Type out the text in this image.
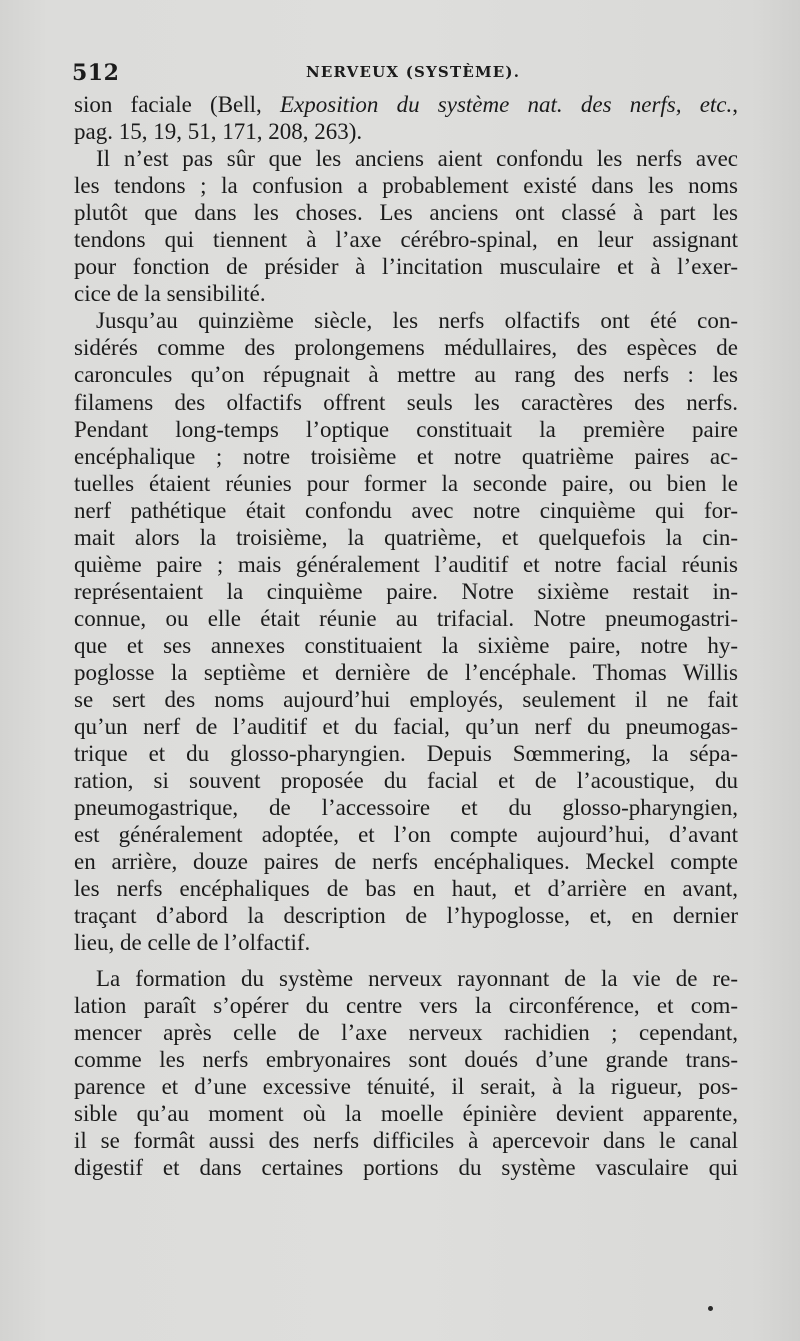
512	NERVEUX (SYSTÈME).
sion faciale (Bell, Exposition du système nat. des nerfs, etc.,
pag. 15, 19, 51, 171, 208, 263).
Il n’est pas sûr que les anciens aient confondu les nerfs avec
les tendons ; la confusion a probablement existé dans les noms
plutôt que dans les choses. Les anciens ont classé à part les
tendons qui tiennent à l’axe cérébro-spinal, en leur assignant
pour fonction de présider à l’incitation musculaire et à l’exer-
cice de la sensibilité.
Jusqu’au quinzième siècle, les nerfs olfactifs ont été con-
sidérés comme des prolongemens médullaires, des espèces de
caroncules qu’on répugnait à mettre au rang des nerfs : les
filamens des olfactifs offrent seuls les caractères des nerfs.
Pendant long-temps l’optique constituait la première paire
encéphalique ; notre troisième et notre quatrième paires ac-
tuelles étaient réunies pour former la seconde paire, ou bien le
nerf pathétique était confondu avec notre cinquième qui for-
mait alors la troisième, la quatrième, et quelquefois la cin-
quième paire ; mais généralement l’auditif et notre facial réunis
représentaient la cinquième paire. Notre sixième restait in-
connue, ou elle était réunie au trifacial. Notre pneumogastri-
que et ses annexes constituaient la sixième paire, notre hy-
poglosse la septième et dernière de l’encéphale. Thomas Willis
se sert des noms aujourd’hui employés, seulement il ne fait
qu’un nerf de l’auditif et du facial, qu’un nerf du pneumogas-
trique et du glosso-pharyngien. Depuis Sœmmering, la sépa-
ration, si souvent proposée du facial et de l’acoustique, du
pneumogastrique, de l’accessoire et du glosso-pharyngien,
est généralement adoptée, et l’on compte aujourd’hui, d’avant
en arrière, douze paires de nerfs encéphaliques. Meckel compte
les nerfs encéphaliques de bas en haut, et d’arrière en avant,
traçant d’abord la description de l’hypoglosse, et, en dernier
lieu, de celle de l’olfactif.
La formation du système nerveux rayonnant de la vie de re-
lation paraît s’opérer du centre vers la circonférence, et com-
mencer après celle de l’axe nerveux rachidien ; cependant,
comme les nerfs embryonaires sont doués d’une grande trans-
parence et d’une excessive ténuité, il serait, à la rigueur, pos-
sible qu’au moment où la moelle épinière devient apparente,
il se formât aussi des nerfs difficiles à apercevoir dans le canal
digestif et dans certaines portions du système vasculaire qui
